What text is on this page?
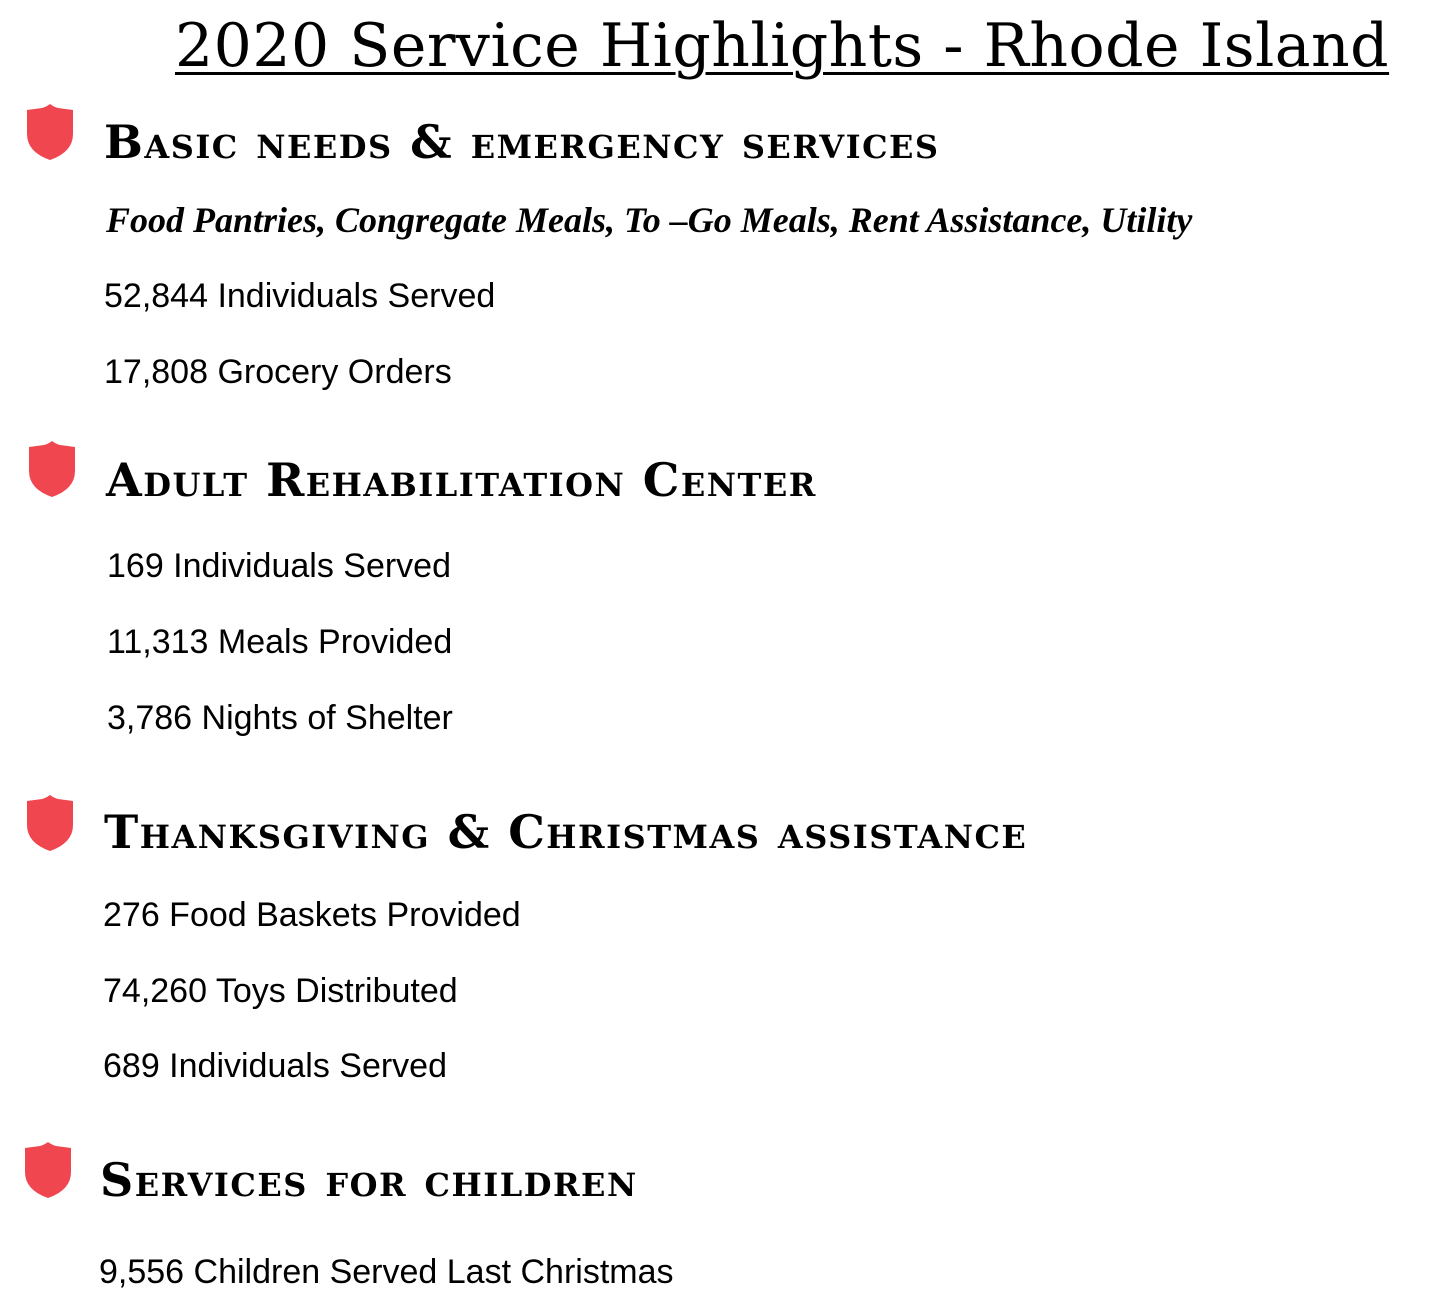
2020 Service Highlights - Rhode Island
Basic needs & emergency services

Food Pantries, Congregate Meals, To –Go Meals, Rent Assistance, Utility

52,844 Individuals Served

17,808 Grocery Orders

Adult Rehabilitation Center

169 Individuals Served

11,313 Meals Provided

3,786 Nights of Shelter

Thanksgiving & Christmas assistance

276 Food Baskets Provided

74,260 Toys Distributed

689 Individuals Served

Services for children

9,556 Children Served Last Christmas
